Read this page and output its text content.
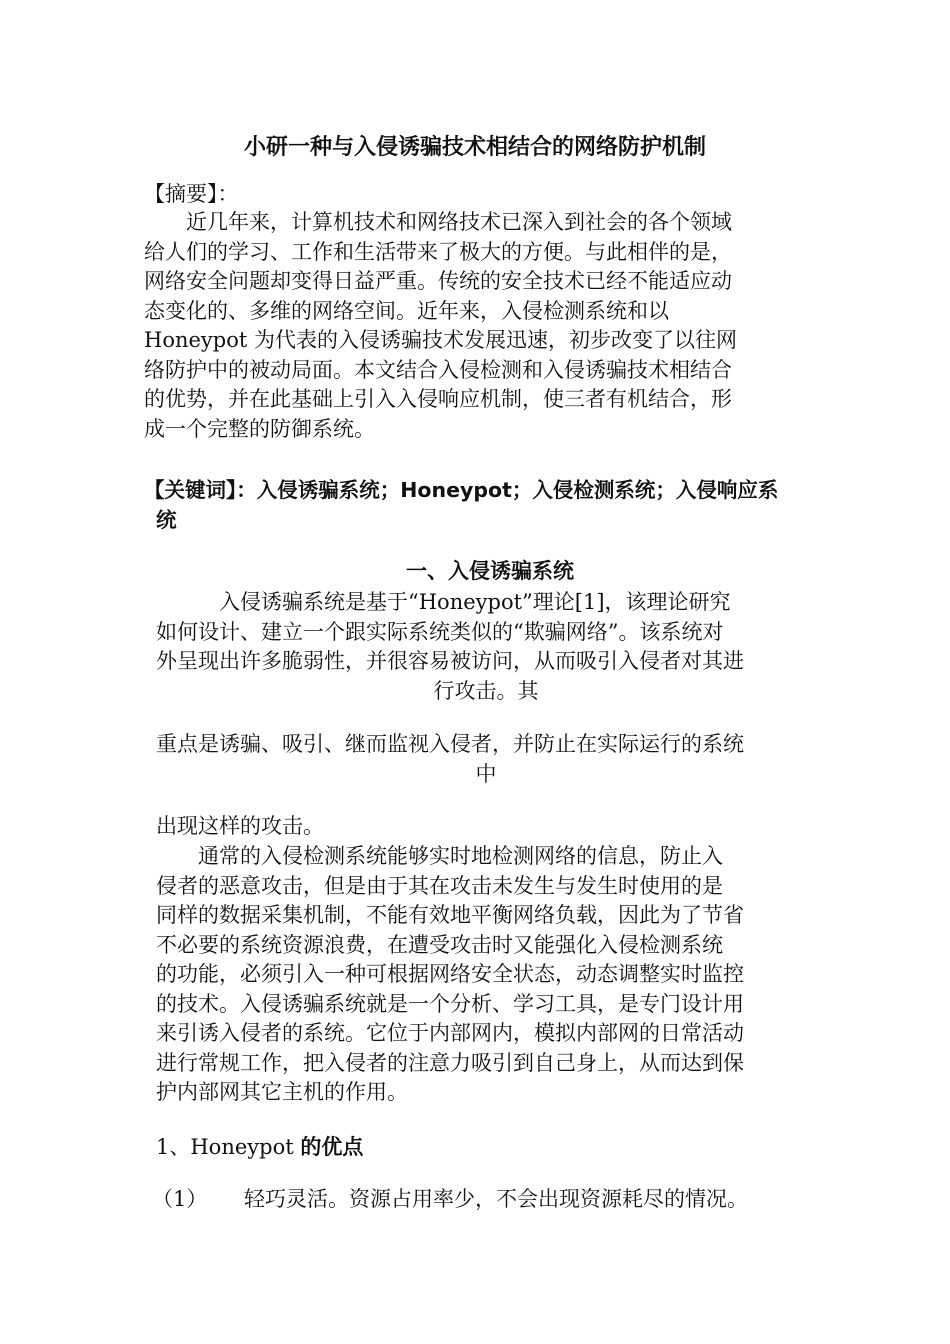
小研一种与入侵诱骗技术相结合的网络防护机制
【摘要】：
　　近几年来，计算机技术和网络技术已深入到社会的各个领域
给人们的学习、工作和生活带来了极大的方便。与此相伴的是，
网络安全问题却变得日益严重。传统的安全技术已经不能适应动
态变化的、多维的网络空间。近年来，入侵检测系统和以
Honeypot 为代表的入侵诱骗技术发展迅速，初步改变了以往网
络防护中的被动局面。本文结合入侵检测和入侵诱骗技术相结合
的优势，并在此基础上引入入侵响应机制，使三者有机结合，形
成一个完整的防御系统。
【关键词】：入侵诱骗系统；Honeypot；入侵检测系统；入侵响应系
统
一、入侵诱骗系统
　　　入侵诱骗系统是基于“Honeypot”理论[1]，该理论研究
如何设计、建立一个跟实际系统类似的“欺骗网络”。该系统对
外呈现出许多脆弱性，并很容易被访问，从而吸引入侵者对其进
行攻击。其
重点是诱骗、吸引、继而监视入侵者，并防止在实际运行的系统
中
出现这样的攻击。
　　通常的入侵检测系统能够实时地检测网络的信息，防止入
侵者的恶意攻击，但是由于其在攻击未发生与发生时使用的是
同样的数据采集机制，不能有效地平衡网络负载，因此为了节省
不必要的系统资源浪费，在遭受攻击时又能强化入侵检测系统
的功能，必须引入一种可根据网络安全状态，动态调整实时监控
的技术。入侵诱骗系统就是一个分析、学习工具，是专门设计用
来引诱入侵者的系统。它位于内部网内，模拟内部网的日常活动
进行常规工作，把入侵者的注意力吸引到自己身上，从而达到保
护内部网其它主机的作用。
1、Honeypot 的优点
（1） 轻巧灵活。资源占用率少，不会出现资源耗尽的情况。
